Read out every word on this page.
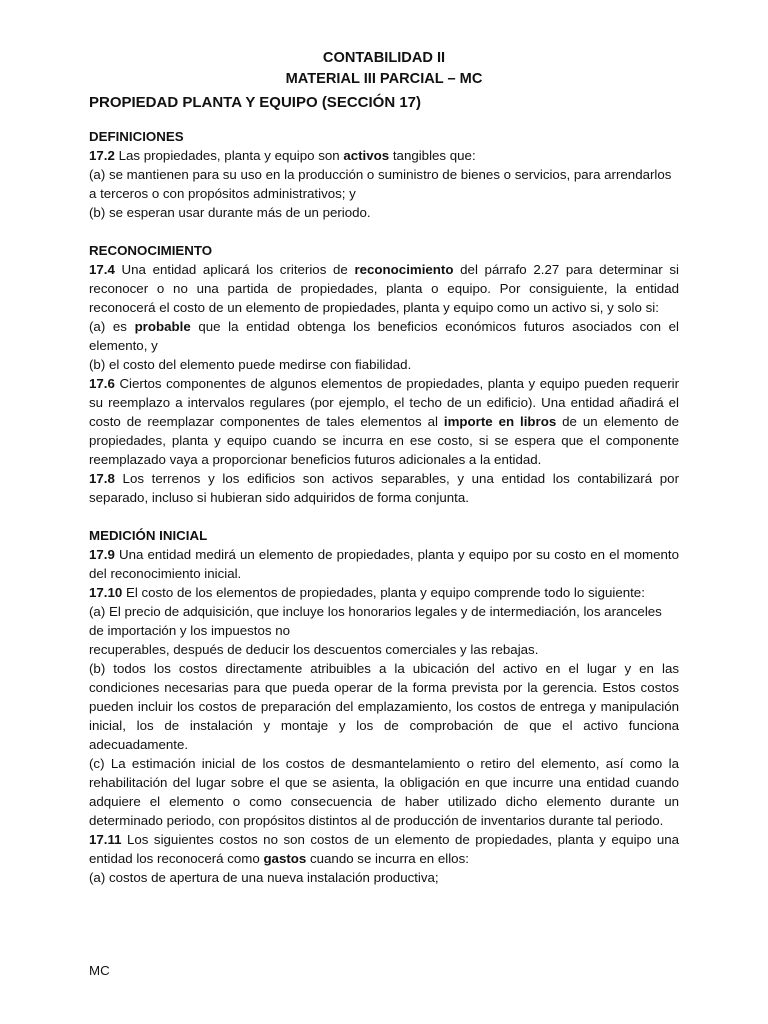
CONTABILIDAD II
MATERIAL III PARCIAL – MC
PROPIEDAD PLANTA Y EQUIPO (SECCIÓN 17)
DEFINICIONES

17.2 Las propiedades, planta y equipo son activos tangibles que:

(a) se mantienen para su uso en la producción o suministro de bienes o servicios, para arrendarlos a terceros o con propósitos administrativos; y

(b) se esperan usar durante más de un periodo.

RECONOCIMIENTO

17.4 Una entidad aplicará los criterios de reconocimiento del párrafo 2.27 para determinar si reconocer o no una partida de propiedades, planta o equipo. Por consiguiente, la entidad reconocerá el costo de un elemento de propiedades, planta y equipo como un activo si, y solo si:

(a) es probable que la entidad obtenga los beneficios económicos futuros asociados con el elemento, y

(b) el costo del elemento puede medirse con fiabilidad.

17.6 Ciertos componentes de algunos elementos de propiedades, planta y equipo pueden requerir su reemplazo a intervalos regulares (por ejemplo, el techo de un edificio). Una entidad añadirá el costo de reemplazar componentes de tales elementos al importe en libros de un elemento de propiedades, planta y equipo cuando se incurra en ese costo, si se espera que el componente reemplazado vaya a proporcionar beneficios futuros adicionales a la entidad.

17.8 Los terrenos y los edificios son activos separables, y una entidad los contabilizará por separado, incluso si hubieran sido adquiridos de forma conjunta.

MEDICIÓN INICIAL

17.9 Una entidad medirá un elemento de propiedades, planta y equipo por su costo en el momento del reconocimiento inicial.

17.10 El costo de los elementos de propiedades, planta y equipo comprende todo lo siguiente:

(a) El precio de adquisición, que incluye los honorarios legales y de intermediación, los aranceles de importación y los impuestos no

recuperables, después de deducir los descuentos comerciales y las rebajas.

(b) todos los costos directamente atribuibles a la ubicación del activo en el lugar y en las condiciones necesarias para que pueda operar de la forma prevista por la gerencia. Estos costos pueden incluir los costos de preparación del emplazamiento, los costos de entrega y manipulación inicial, los de instalación y montaje y los de comprobación de que el activo funciona adecuadamente.

(c) La estimación inicial de los costos de desmantelamiento o retiro del elemento, así como la rehabilitación del lugar sobre el que se asienta, la obligación en que incurre una entidad cuando adquiere el elemento o como consecuencia de haber utilizado dicho elemento durante un determinado periodo, con propósitos distintos al de producción de inventarios durante tal periodo.

17.11 Los siguientes costos no son costos de un elemento de propiedades, planta y equipo una entidad los reconocerá como gastos cuando se incurra en ellos:

(a) costos de apertura de una nueva instalación productiva;

MC
